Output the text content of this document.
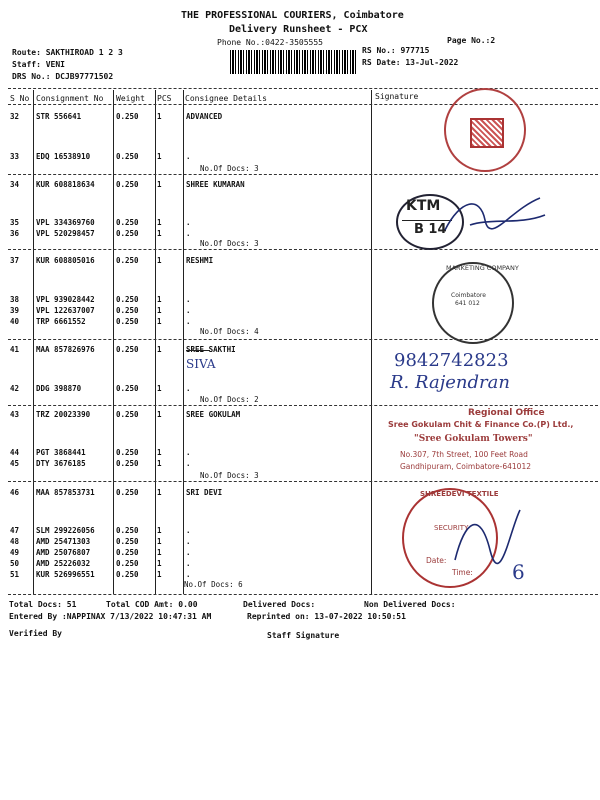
THE PROFESSIONAL COURIERS, Coimbatore
Delivery Runsheet - PCX
Phone No.:0422-3505555	Page No.:2
Route: SAKTHIROAD 1 2 3
Staff: VENI
DRS No.: DCJB97771502
RS No.: 977715
RS Date: 13-Jul-2022
S No Consignment No Weight PCS Consignee Details	Signature
32 STR 556641	0.250 1	ADVANCED
33 EDQ 16538910	0.250 1	.
No.Of Docs: 3
34 KUR 608818634	0.250 1	SHREE KUMARAN
35 VPL 334369760	0.250 1	.
36 VPL 520298457	0.250 1	.
No.Of Docs: 3
37 KUR 608805016	0.250 1	RESHMI
38 VPL 939028442	0.250 1	.
39 VPL 122637007	0.250 1	.
40 TRP 6661552	0.250 1	.
No.Of Docs: 4
41 MAA 857826976	0.250 1	SREE SAKTHI
42 DDG 398870	0.250 1	.
No.Of Docs: 2
43 TRZ 20023390	0.250 1	SREE GOKULAM
44 PGT 3868441	0.250 1	.
45 DTY 3676185	0.250 1	.
No.Of Docs: 3
46 MAA 857853731	0.250 1	SRI DEVI
47 SLM 299226056	0.250 1	.
48 AMD 25471303	0.250 1	.
49 AMD 25076807	0.250 1	.
50 AMD 25226032	0.250 1	.
51 KUR 526996551	0.250 1	.
No.Of Docs: 6
Total Docs: 51	Total COD Amt: 0.00	Delivered Docs:	Non Delivered Docs:
Entered By :NAPPINAX 7/13/2022 10:47:31 AM	Reprinted on: 13-07-2022 10:50:51
Verified By	Staff Signature
KTM
B 14
MARKETING COMPANY
Coimbatore
641 012
SIVA	9842742823
R. Rajendran
Regional Office
Sree Gokulam Chit & Finance Co.(P) Ltd.,
"Sree Gokulam Towers"
No.307, 7th Street, 100 Feet Road
Gandhipuram, Coimbatore-641012
SHREEDEVI TEXTILE
SECURITY
Date:
Time: 6
